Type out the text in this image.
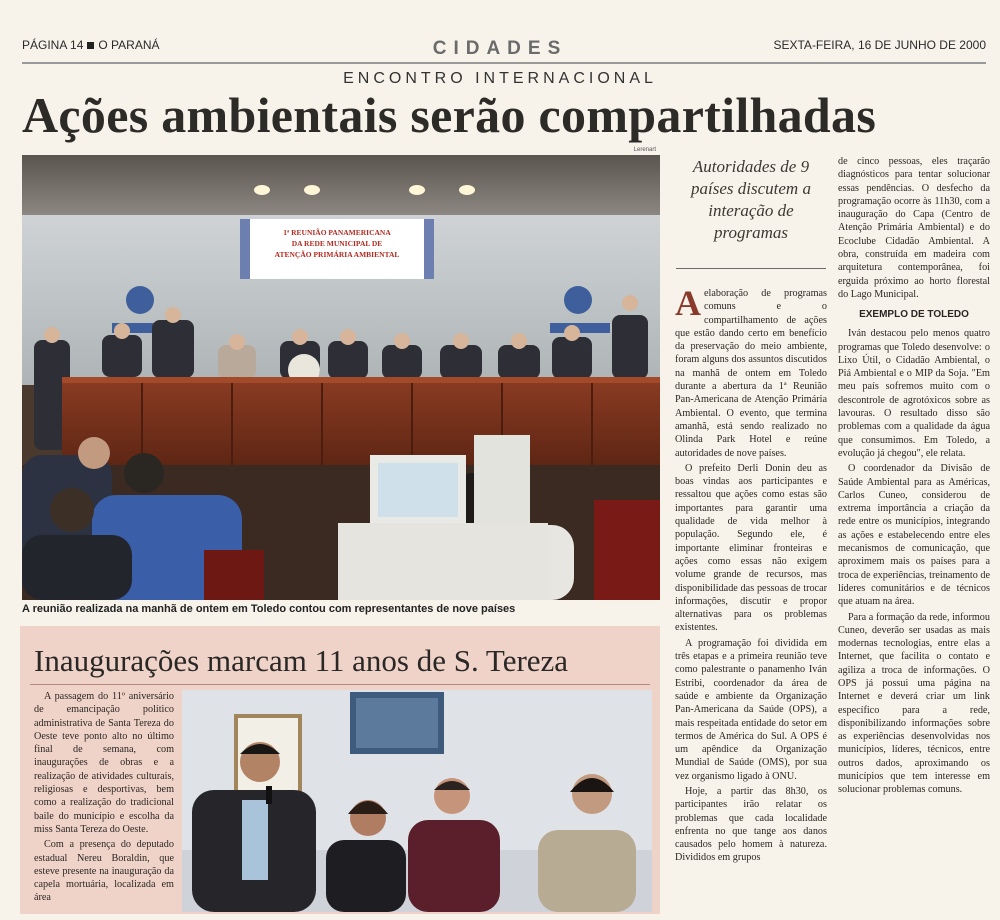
PÁGINA 14 O PARANÁ	CIDADES	SEXTA-FEIRA, 16 DE JUNHO DE 2000
ENCONTRO INTERNACIONAL
Ações ambientais serão compartilhadas
1ª REUNIÃO PANAMERICANA
DA REDE MUNICIPAL DE
ATENÇÃO PRIMÁRIA AMBIENTAL
Lerenart
A reunião realizada na manhã de ontem em Toledo contou com representantes de nove países
Autoridades de 9 países discutem a interação de programas

Aelaboração de programas comuns e o compartilhamento de ações que estão dando certo em benefício da preservação do meio ambiente, foram alguns dos assuntos discutidos na manhã de ontem em Toledo durante a abertura da 1ª Reunião Pan-Americana de Atenção Primária Ambiental. O evento, que termina amanhã, está sendo realizado no Olinda Park Hotel e reúne autoridades de nove países.

O prefeito Derli Donin deu as boas vindas aos participantes e ressaltou que ações como estas são importantes para garantir uma qualidade de vida melhor à população. Segundo ele, é importante eliminar fronteiras e ações como essas não exigem volume grande de recursos, mas disponibilidade das pessoas de trocar informações, discutir e propor alternativas para os problemas existentes.

A programação foi dividida em três etapas e a primeira reunião teve como palestrante o panamenho Iván Estribi, coordenador da área de saúde e ambiente da Organização Pan-Americana da Saúde (OPS), a mais respeitada entidade do setor em termos de América do Sul. A OPS é um apêndice da Organização Mundial de Saúde (OMS), por sua vez organismo ligado à ONU.

Hoje, a partir das 8h30, os participantes irão relatar os problemas que cada localidade enfrenta no que tange aos danos causados pelo homem à natureza. Divididos em grupos

de cinco pessoas, eles traçarão diagnósticos para tentar solucionar essas pendências. O desfecho da programação ocorre às 11h30, com a inauguração do Capa (Centro de Atenção Primária Ambiental) e do Ecoclube Cidadão Ambiental. A obra, construída em madeira com arquitetura contemporânea, foi erguida próximo ao horto florestal do Lago Municipal.

EXEMPLO DE TOLEDO

Iván destacou pelo menos quatro programas que Toledo desenvolve: o Lixo Útil, o Cidadão Ambiental, o Piá Ambiental e o MIP da Soja. "Em meu país sofremos muito com o descontrole de agrotóxicos sobre as lavouras. O resultado disso são problemas com a qualidade da água que consumimos. Em Toledo, a evolução já chegou", ele relata.

O coordenador da Divisão de Saúde Ambiental para as Américas, Carlos Cuneo, considerou de extrema importância a criação da rede entre os municípios, integrando as ações e estabelecendo entre eles mecanismos de comunicação, que aproximem mais os países para a troca de experiências, treinamento de líderes comunitários e de técnicos que atuam na área.

Para a formação da rede, informou Cuneo, deverão ser usadas as mais modernas tecnologias, entre elas a Internet, que facilita o contato e agiliza a troca de informações. O OPS já possui uma página na Internet e deverá criar um link específico para a rede, disponibilizando informações sobre as experiências desenvolvidas nos municípios, líderes, técnicos, entre outros dados, aproximando os municípios que tem interesse em solucionar problemas comuns.

Inaugurações marcam 11 anos de S. Tereza

A passagem do 11º aniversário de emancipação político administrativa de Santa Tereza do Oeste teve ponto alto no último final de semana, com inaugurações de obras e a realização de atividades culturais, religiosas e desportivas, bem como a realização do tradicional baile do município e escolha da miss Santa Tereza do Oeste.

Com a presença do deputado estadual Nereu Boraldin, que esteve presente na inauguração da capela mortuária, localizada em área
